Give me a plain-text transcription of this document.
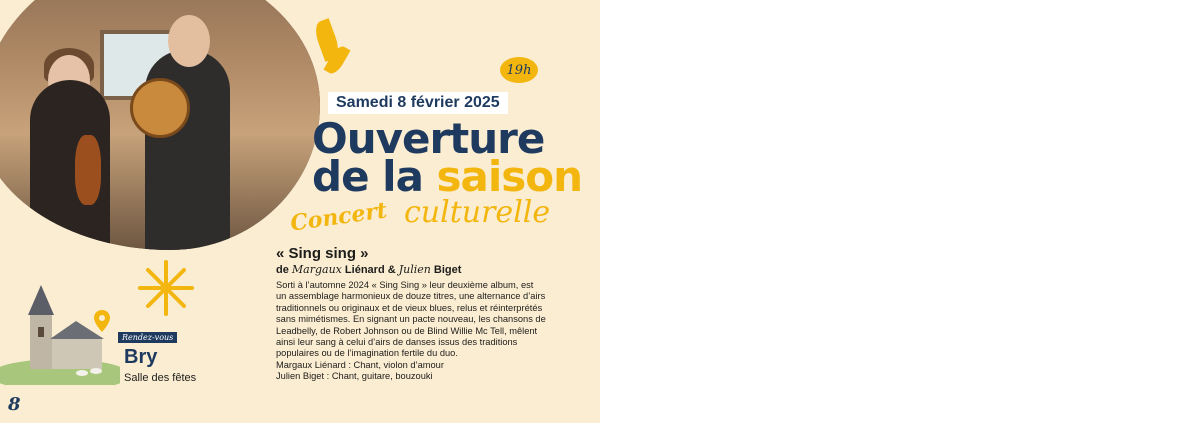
19h
Samedi 8 février 2025
Ouverture
de la saison
culturelle
Concert
« Sing sing »
de Margaux Liénard & Julien Biget
Sorti à l’automne 2024 « Sing Sing » leur deuxième album, est
un assemblage harmonieux de douze titres, une alternance d’airs
traditionnels ou originaux et de vieux blues, relus et réinterprétés
sans mimétismes. En signant un pacte nouveau, les chansons de
Leadbelly, de Robert Johnson ou de Blind Willie Mc Tell, mêlent
ainsi leur sang à celui d’airs de danses issus des traditions
populaires ou de l’imagination fertile du duo.
Margaux Liénard : Chant, violon d’amour
Julien Biget : Chant, guitare, bouzouki
Rendez-vous
Bry
Salle des fêtes
8
